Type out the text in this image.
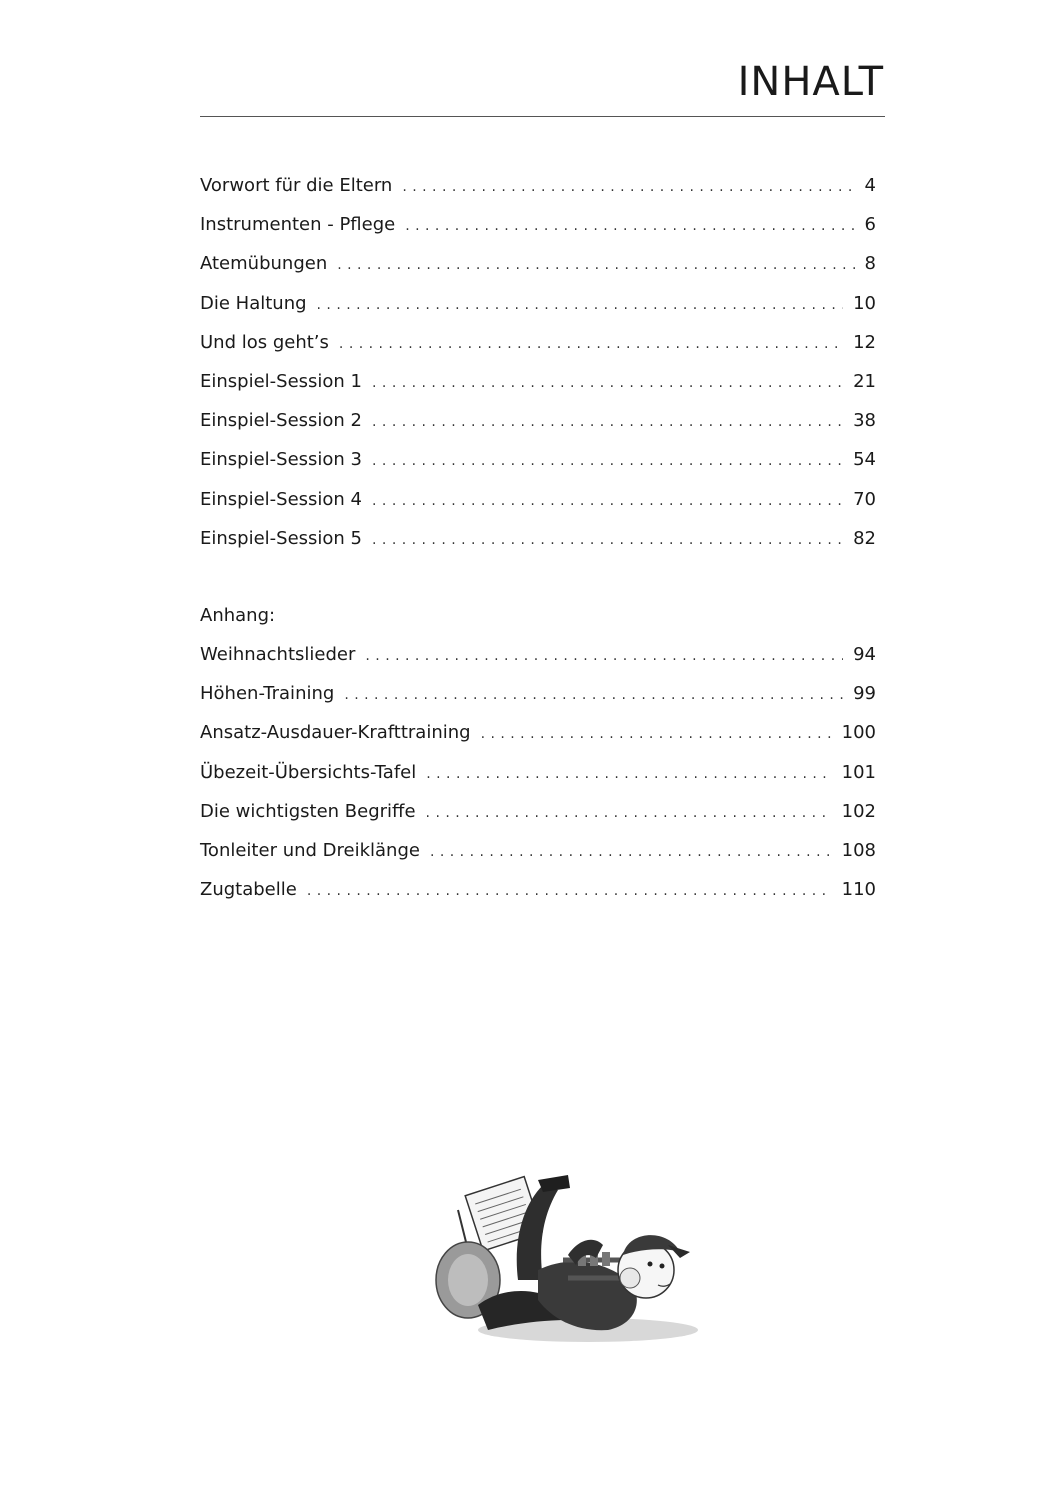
INHALT
Vorwort für die Eltern . . .	4
Instrumenten - Pflege . . .	6
Atemübungen . . .	8
Die Haltung . . .	10
Und los geht’s . . .	12
Einspiel-Session 1 . . .	21
Einspiel-Session 2 . . .	38
Einspiel-Session 3 . . .	54
Einspiel-Session 4 . . .	70
Einspiel-Session 5 . . .	82
Anhang:
Weihnachtslieder . . .	94
Höhen-Training . . .	99
Ansatz-Ausdauer-Krafttraining . . .	100
Übezeit-Übersichts-Tafel . . .	101
Die wichtigsten Begriffe . . .	102
Tonleiter und Dreiklänge . . .	108
Zugtabelle . . .	110
